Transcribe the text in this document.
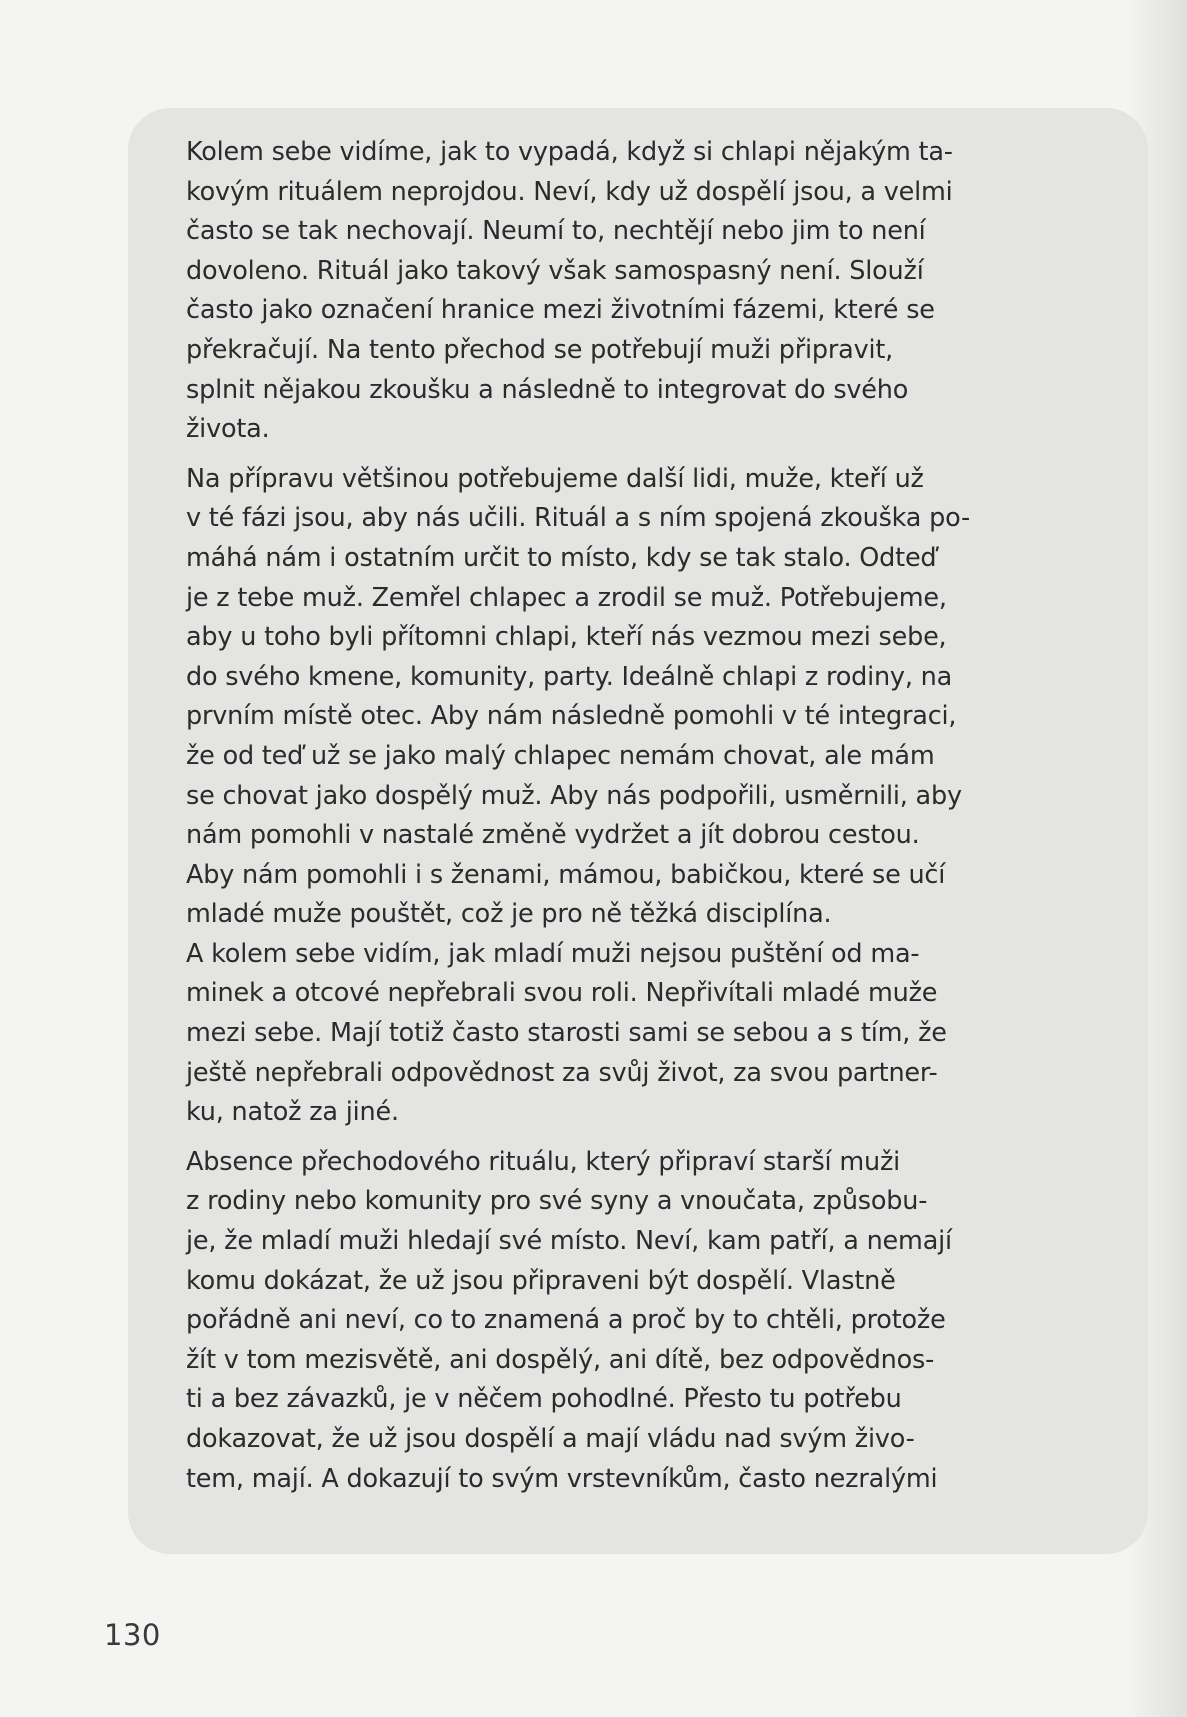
Kolem sebe vidíme, jak to vypadá, když si chlapi nějakým ta-
kovým rituálem neprojdou. Neví, kdy už dospělí jsou, a velmi
často se tak nechovají. Neumí to, nechtějí nebo jim to není
dovoleno. Rituál jako takový však samospasný není. Slouží
často jako označení hranice mezi životními fázemi, které se
překračují. Na tento přechod se potřebují muži připravit,
splnit nějakou zkoušku a následně to integrovat do svého
života.

Na přípravu většinou potřebujeme další lidi, muže, kteří už
v té fázi jsou, aby nás učili. Rituál a s ním spojená zkouška po-
máhá nám i ostatním určit to místo, kdy se tak stalo. Odteď
je z tebe muž. Zemřel chlapec a zrodil se muž. Potřebujeme,
aby u toho byli přítomni chlapi, kteří nás vezmou mezi sebe,
do svého kmene, komunity, party. Ideálně chlapi z rodiny, na
prvním místě otec. Aby nám následně pomohli v té integraci,
že od teď už se jako malý chlapec nemám chovat, ale mám
se chovat jako dospělý muž. Aby nás podpořili, usměrnili, aby
nám pomohli v nastalé změně vydržet a jít dobrou cestou.
Aby nám pomohli i s ženami, mámou, babičkou, které se učí
mladé muže pouštět, což je pro ně těžká disciplína.
A kolem sebe vidím, jak mladí muži nejsou puštění od ma-
minek a otcové nepřebrali svou roli. Nepřivítali mladé muže
mezi sebe. Mají totiž často starosti sami se sebou a s tím, že
ještě nepřebrali odpovědnost za svůj život, za svou partner-
ku, natož za jiné.

Absence přechodového rituálu, který připraví starší muži
z rodiny nebo komunity pro své syny a vnoučata, způsobu-
je, že mladí muži hledají své místo. Neví, kam patří, a nemají
komu dokázat, že už jsou připraveni být dospělí. Vlastně
pořádně ani neví, co to znamená a proč by to chtěli, protože
žít v tom mezisvětě, ani dospělý, ani dítě, bez odpovědnos-
ti a bez závazků, je v něčem pohodlné. Přesto tu potřebu
dokazovat, že už jsou dospělí a mají vládu nad svým živo-
tem, mají. A dokazují to svým vrstevníkům, často nezralými

130
